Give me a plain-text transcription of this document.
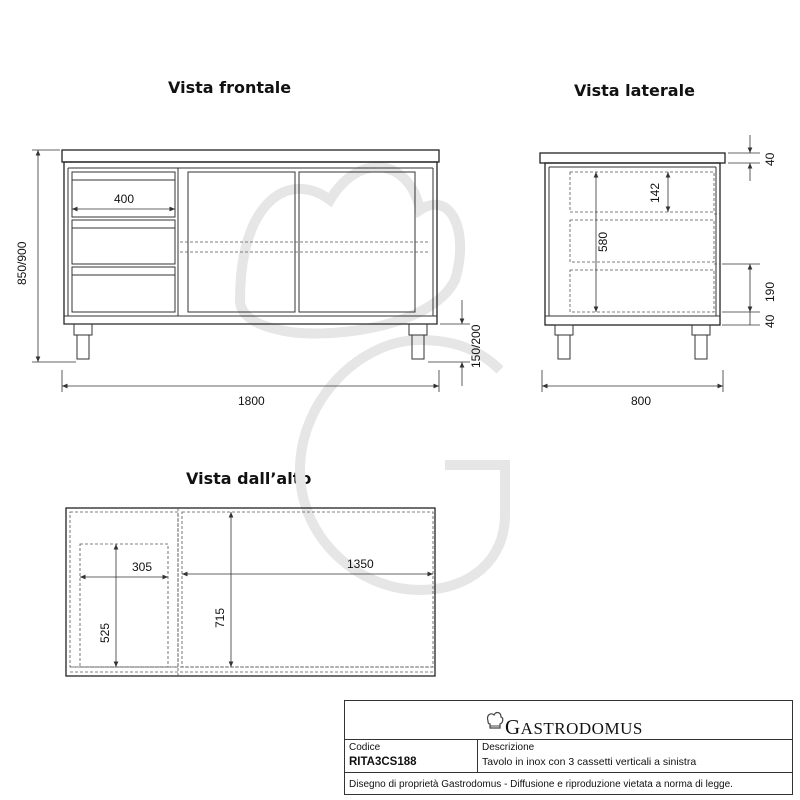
Vista frontale	Vista laterale
Vista dall’alto
400
850/900
150/200
1800
142
580
40
190
40
800
305
525
1350
715
GASTRODOMUS
Codice
RITA3CS188
Descrizione
Tavolo in inox con 3 cassetti verticali a sinistra
Disegno di proprietà Gastrodomus - Diffusione e riproduzione vietata a norma di legge.
